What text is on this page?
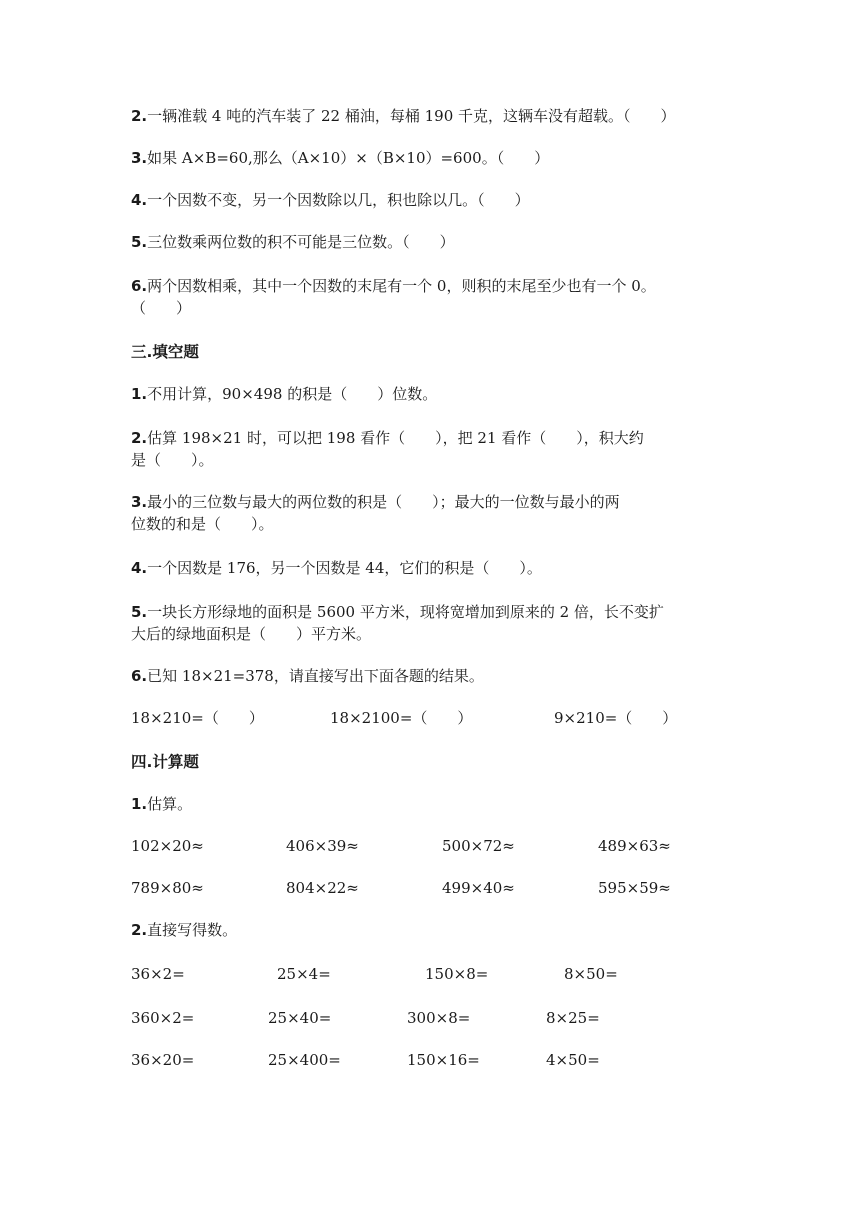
2.一辆准载 4 吨的汽车装了 22 桶油，每桶 190 千克，这辆车没有超载。（　　）
3.如果 A×B=60,那么（A×10）×（B×10）=600。（　　）
4.一个因数不变，另一个因数除以几，积也除以几。（　　）
5.三位数乘两位数的积不可能是三位数。（　　）
6.两个因数相乘，其中一个因数的末尾有一个 0，则积的末尾至少也有一个 0。
（　　）
三.填空题
1.不用计算，90×498 的积是（　　）位数。
2.估算 198×21 时，可以把 198 看作（　　），把 21 看作（　　），积大约
是（　　）。
3.最小的三位数与最大的两位数的积是（　　）；最大的一位数与最小的两
位数的和是（　　）。
4.一个因数是 176，另一个因数是 44，它们的积是（　　）。
5.一块长方形绿地的面积是 5600 平方米，现将宽增加到原来的 2 倍，长不变扩
大后的绿地面积是（　　）平方米。
6.已知 18×21=378，请直接写出下面各题的结果。
18×210=（　　）	18×2100=（　　）	9×210=（　　）
四.计算题
1.估算。
102×20≈	406×39≈	500×72≈	489×63≈
789×80≈	804×22≈	499×40≈	595×59≈
2.直接写得数。
36×2=	25×4=	150×8=	8×50=
360×2=	25×40=	300×8=	8×25=
36×20=	25×400=	150×16=	4×50=
